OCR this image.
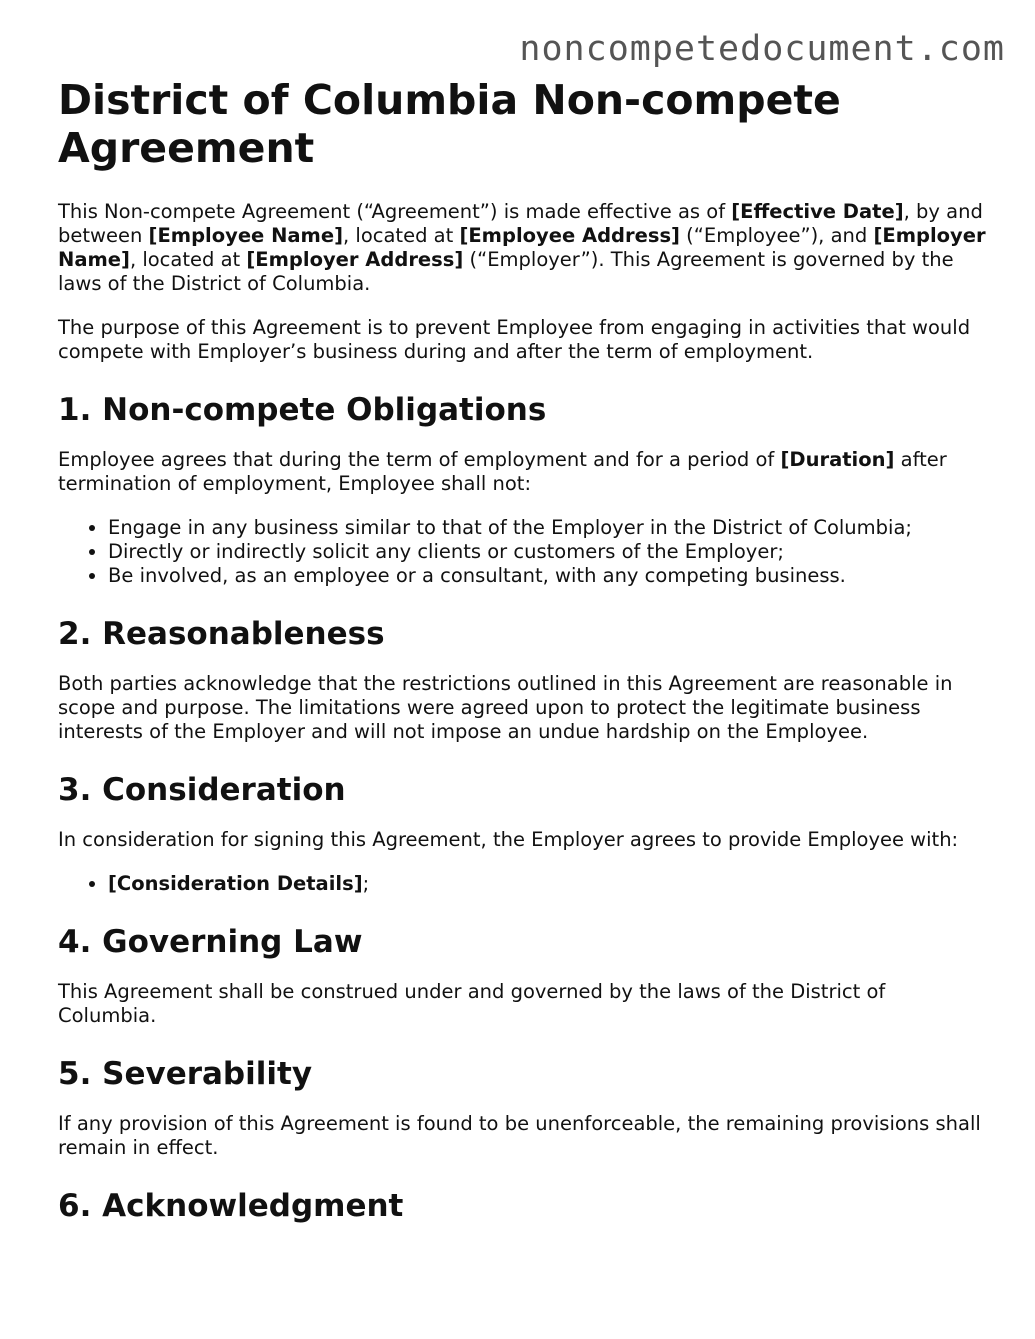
noncompetedocument.com
District of Columbia Non-compete Agreement

This Non-compete Agreement (“Agreement”) is made effective as of [Effective Date], by and between [Employee Name], located at [Employee Address] (“Employee”), and [Employer Name], located at [Employer Address] (“Employer”). This Agreement is governed by the laws of the District of Columbia.

The purpose of this Agreement is to prevent Employee from engaging in activities that would compete with Employer’s business during and after the term of employment.

1. Non-compete Obligations

Employee agrees that during the term of employment and for a period of [Duration] after termination of employment, Employee shall not:

• Engage in any business similar to that of the Employer in the District of Columbia;
• Directly or indirectly solicit any clients or customers of the Employer;
• Be involved, as an employee or a consultant, with any competing business.
2. Reasonableness

Both parties acknowledge that the restrictions outlined in this Agreement are reasonable in scope and purpose. The limitations were agreed upon to protect the legitimate business interests of the Employer and will not impose an undue hardship on the Employee.

3. Consideration

In consideration for signing this Agreement, the Employer agrees to provide Employee with:

• [Consideration Details];
4. Governing Law

This Agreement shall be construed under and governed by the laws of the District of Columbia.

5. Severability

If any provision of this Agreement is found to be unenforceable, the remaining provisions shall remain in effect.

6. Acknowledgment
